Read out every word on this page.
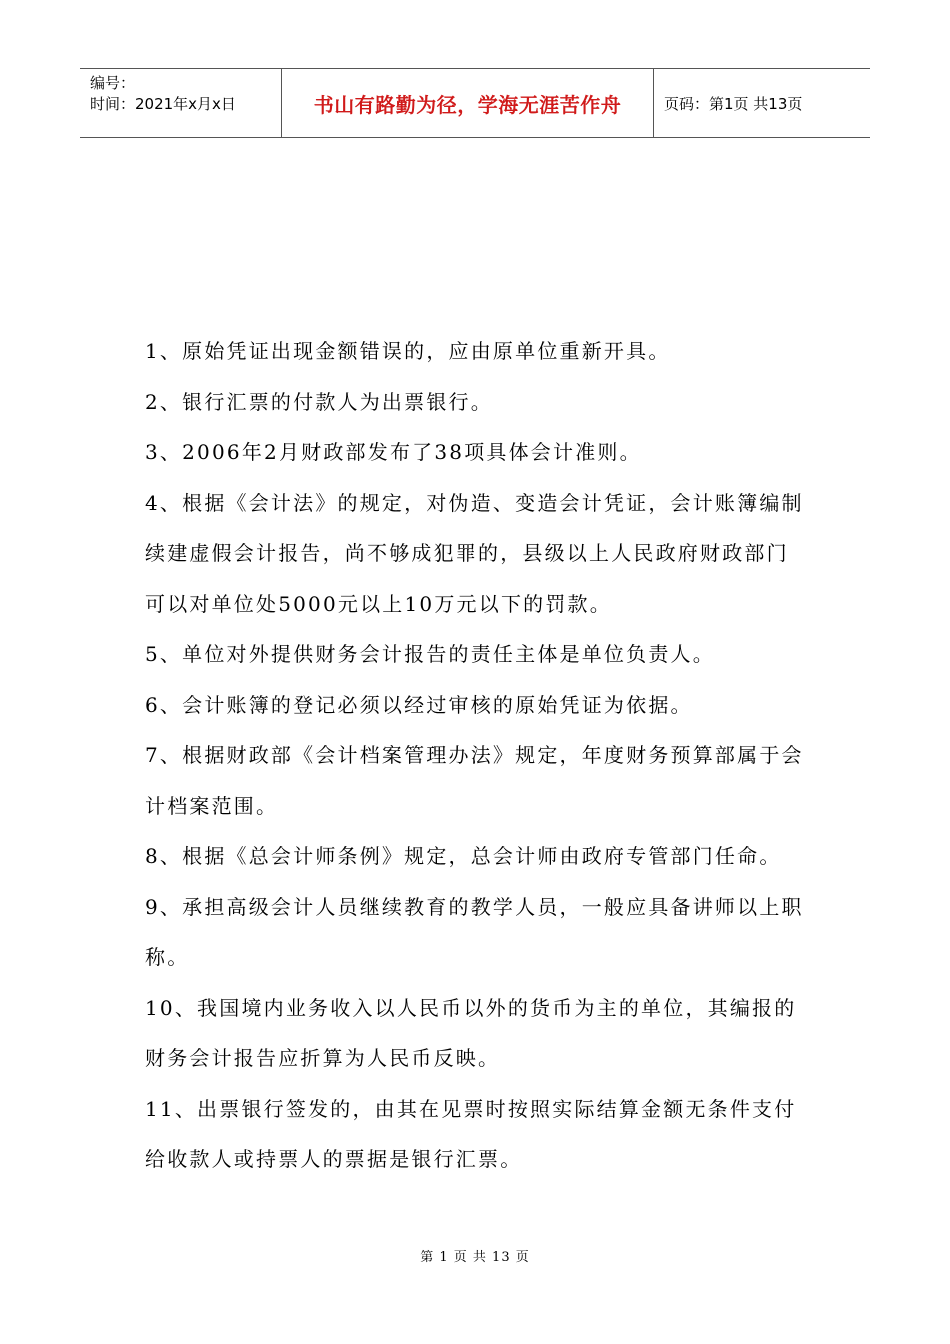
编号：
时间：2021年x月x日	书山有路勤为径，学海无涯苦作舟	页码：第1页 共13页

1、原始凭证出现金额错误的，应由原单位重新开具。

2、银行汇票的付款人为出票银行。

3、2006年2月财政部发布了38项具体会计准则。

4、根据《会计法》的规定，对伪造、变造会计凭证，会计账簿编制续建虚假会计报告，尚不够成犯罪的，县级以上人民政府财政部门可以对单位处5000元以上10万元以下的罚款。

5、单位对外提供财务会计报告的责任主体是单位负责人。

6、会计账簿的登记必须以经过审核的原始凭证为依据。

7、根据财政部《会计档案管理办法》规定，年度财务预算部属于会计档案范围。

8、根据《总会计师条例》规定，总会计师由政府专管部门任命。

9、承担高级会计人员继续教育的教学人员，一般应具备讲师以上职称。

10、我国境内业务收入以人民币以外的货币为主的单位，其编报的财务会计报告应折算为人民币反映。

11、出票银行签发的，由其在见票时按照实际结算金额无条件支付给收款人或持票人的票据是银行汇票。

第 1 页 共 13 页
